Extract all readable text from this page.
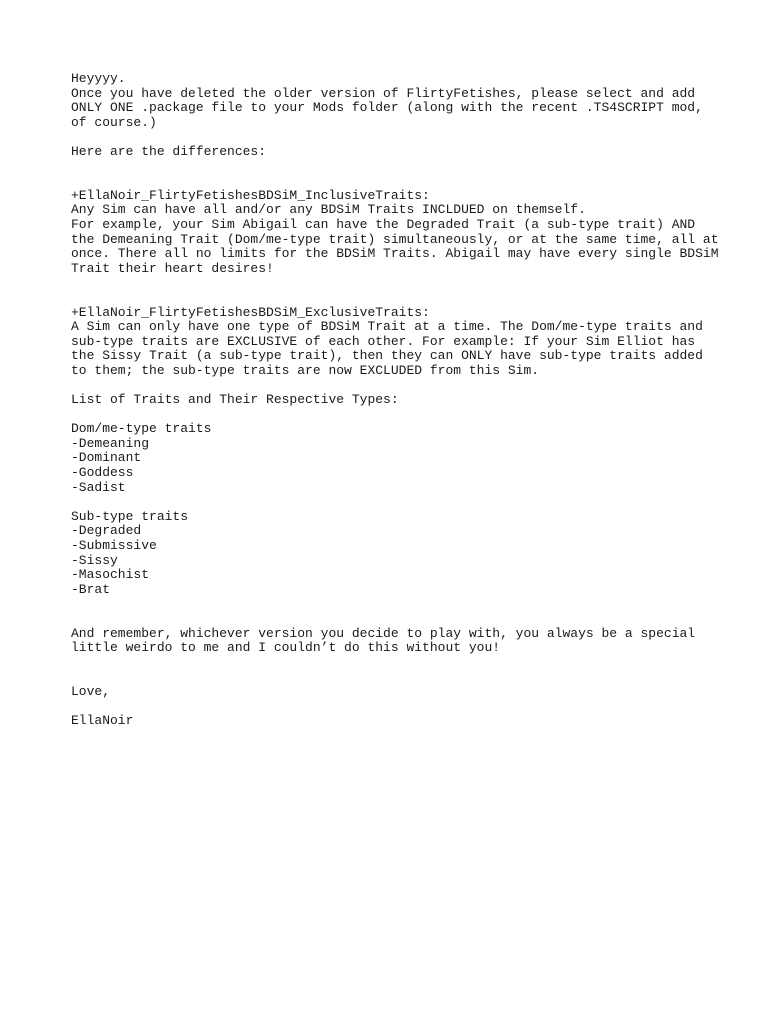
Heyyyy.
Once you have deleted the older version of FlirtyFetishes, please select and add
ONLY ONE .package file to your Mods folder (along with the recent .TS4SCRIPT mod,
of course.)
Here are the differences:
+EllaNoir_FlirtyFetishesBDSiM_InclusiveTraits:
Any Sim can have all and/or any BDSiM Traits INCLDUED on themself.
For example, your Sim Abigail can have the Degraded Trait (a sub-type trait) AND
the Demeaning Trait (Dom/me-type trait) simultaneously, or at the same time, all at
once. There all no limits for the BDSiM Traits. Abigail may have every single BDSiM
Trait their heart desires!
+EllaNoir_FlirtyFetishesBDSiM_ExclusiveTraits:
A Sim can only have one type of BDSiM Trait at a time. The Dom/me-type traits and
sub-type traits are EXCLUSIVE of each other. For example: If your Sim Elliot has
the Sissy Trait (a sub-type trait), then they can ONLY have sub-type traits added
to them; the sub-type traits are now EXCLUDED from this Sim.
List of Traits and Their Respective Types:
Dom/me-type traits
-Demeaning
-Dominant
-Goddess
-Sadist
Sub-type traits
-Degraded
-Submissive
-Sissy
-Masochist
-Brat
And remember, whichever version you decide to play with, you always be a special
little weirdo to me and I couldn’t do this without you!
Love,
EllaNoir
